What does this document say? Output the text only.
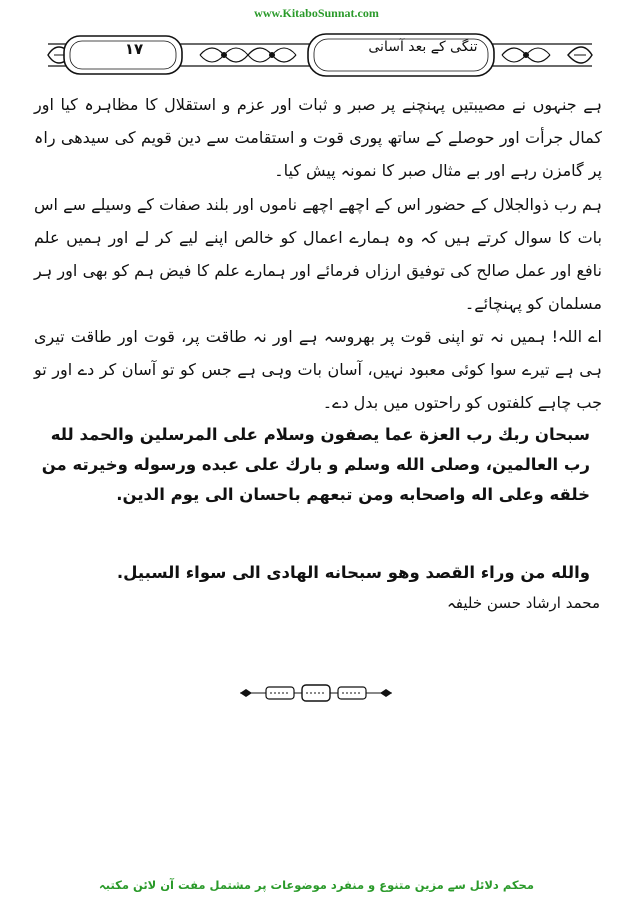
www.KitaboSunnat.com
۱۷	تنگی کے بعد آسانی

ہے جنہوں نے مصیبتیں پہنچنے پر صبر و ثبات اور عزم و استقلال کا مظاہرہ کیا اور کمال جرأت اور حوصلے کے ساتھ پوری قوت و استقامت سے دین قویم کی سیدھی راہ پر گامزن رہے اور بے مثال صبر کا نمونہ پیش کیا۔

ہم رب ذوالجلال کے حضور اس کے اچھے اچھے ناموں اور بلند صفات کے وسیلے سے اس بات کا سوال کرتے ہیں کہ وہ ہمارے اعمال کو خالص اپنے لیے کر لے اور ہمیں علم نافع اور عمل صالح کی توفیق ارزاں فرمائے اور ہمارے علم کا فیض ہم کو بھی اور ہر مسلمان کو پہنچائے۔

اے اللہ! ہمیں نہ تو اپنی قوت پر بھروسہ ہے اور نہ طاقت پر، قوت اور طاقت تیری ہی ہے تیرے سوا کوئی معبود نہیں، آسان بات وہی ہے جس کو تو آسان کر دے اور تو جب چاہے کلفتوں کو راحتوں میں بدل دے۔

سبحان ربك رب العزة عما يصفون وسلام على المرسلين والحمد لله رب العالمين، وصلى الله وسلم و بارك على عبده ورسوله وخيرته من خلقه وعلى اله واصحابه ومن تبعهم باحسان الى يوم الدين.

والله من وراء القصد وهو سبحانه الهادى الى سواء السبيل.

محمد ارشاد حسن خلیفہ
محکم دلائل سے مزین متنوع و منفرد موضوعات پر مشتمل مفت آن لائن مکتبہ
